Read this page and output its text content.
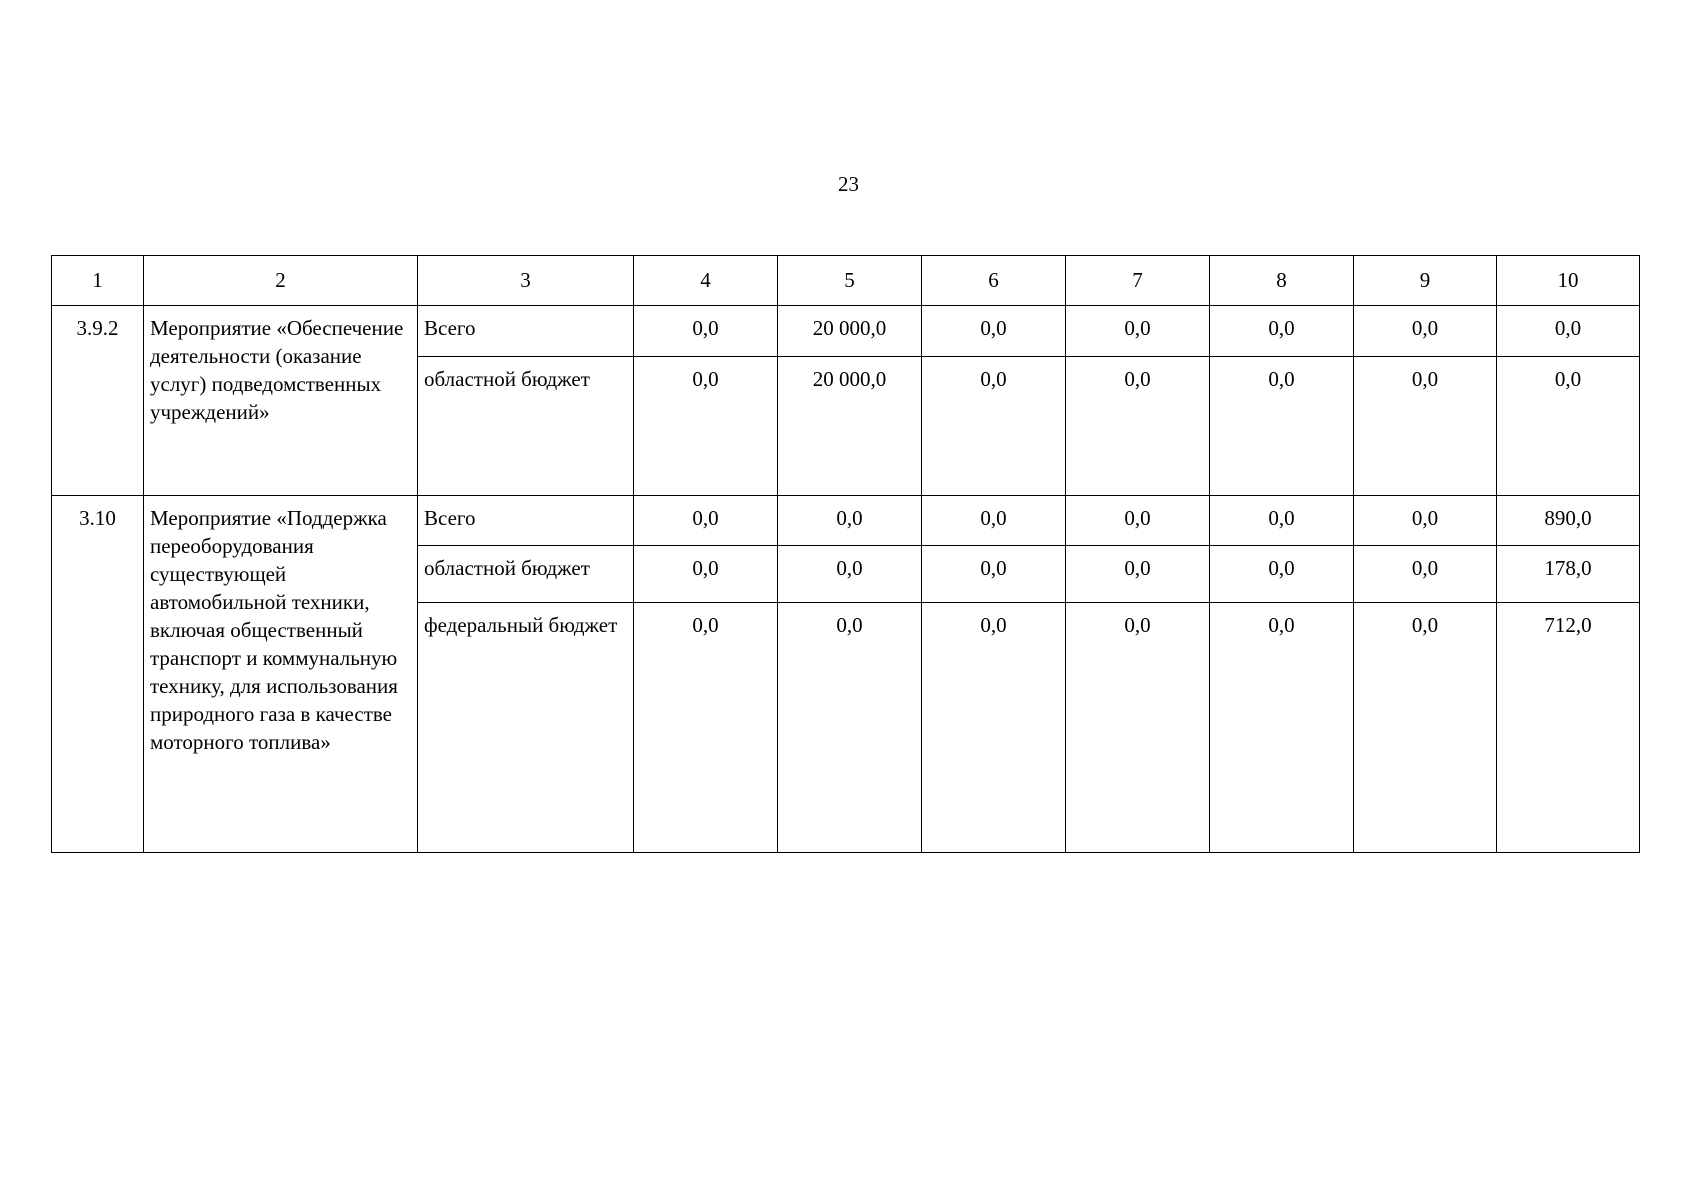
23
1	2	3	4	5	6	7	8	9	10
3.9.2	Мероприятие «Обеспечение деятельности (оказание услуг) подведомственных учреждений»	Всего	0,0	20 000,0	0,0	0,0	0,0	0,0	0,0
		областной бюджет	0,0	20 000,0	0,0	0,0	0,0	0,0	0,0
3.10	Мероприятие «Поддержка переоборудования существующей автомобильной техники, включая общественный транспорт и коммунальную технику, для использования природного газа в качестве моторного топлива»	Всего	0,0	0,0	0,0	0,0	0,0	0,0	890,0
		областной бюджет	0,0	0,0	0,0	0,0	0,0	0,0	178,0
		федеральный бюджет	0,0	0,0	0,0	0,0	0,0	0,0	712,0
